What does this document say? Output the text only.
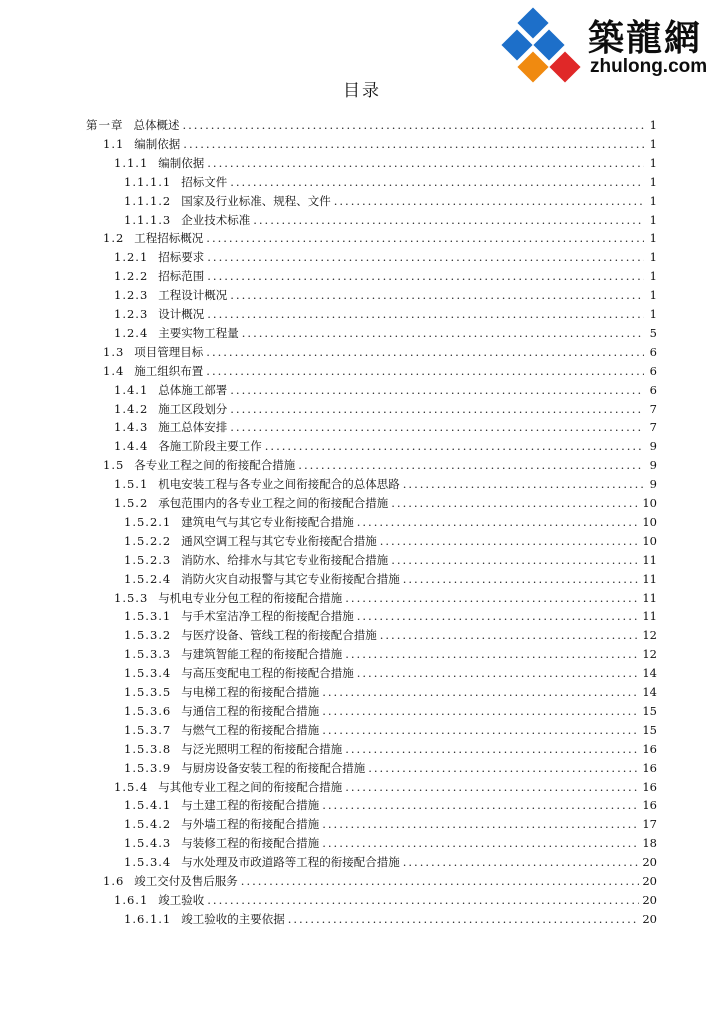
築龍網
zhulong.com
目录
第一章 总体概述 .....	1
1.1 编制依据 .....	1
1.1.1 编制依据 .....	1
1.1.1.1 招标文件 .....	1
1.1.1.2 国家及行业标准、规程、文件 .....	1
1.1.1.3 企业技术标准 .....	1
1.2 工程招标概况 .....	1
1.2.1 招标要求 .....	1
1.2.2 招标范围 .....	1
1.2.3 工程设计概况 .....	1
1.2.3 设计概况 .....	1
1.2.4 主要实物工程量 .....	5
1.3 项目管理目标 .....	6
1.4 施工组织布置 .....	6
1.4.1 总体施工部署 .....	6
1.4.2 施工区段划分 .....	7
1.4.3 施工总体安排 .....	7
1.4.4 各施工阶段主要工作 .....	9
1.5 各专业工程之间的衔接配合措施 .....	9
1.5.1 机电安装工程与各专业之间衔接配合的总体思路 .....	9
1.5.2 承包范围内的各专业工程之间的衔接配合措施 .....	10
1.5.2.1 建筑电气与其它专业衔接配合措施 .....	10
1.5.2.2 通风空调工程与其它专业衔接配合措施 .....	10
1.5.2.3 消防水、给排水与其它专业衔接配合措施 .....	11
1.5.2.4 消防火灾自动报警与其它专业衔接配合措施 .....	11
1.5.3 与机电专业分包工程的衔接配合措施 .....	11
1.5.3.1 与手术室洁净工程的衔接配合措施 .....	11
1.5.3.2 与医疗设备、管线工程的衔接配合措施 .....	12
1.5.3.3 与建筑智能工程的衔接配合措施 .....	12
1.5.3.4 与高压变配电工程的衔接配合措施 .....	14
1.5.3.5 与电梯工程的衔接配合措施 .....	14
1.5.3.6 与通信工程的衔接配合措施 .....	15
1.5.3.7 与燃气工程的衔接配合措施 .....	15
1.5.3.8 与泛光照明工程的衔接配合措施 .....	16
1.5.3.9 与厨房设备安装工程的衔接配合措施 .....	16
1.5.4 与其他专业工程之间的衔接配合措施 .....	16
1.5.4.1 与土建工程的衔接配合措施 .....	16
1.5.4.2 与外墙工程的衔接配合措施 .....	17
1.5.4.3 与装修工程的衔接配合措施 .....	18
1.5.3.4 与水处理及市政道路等工程的衔接配合措施 .....	20
1.6 竣工交付及售后服务 .....	20
1.6.1 竣工验收 .....	20
1.6.1.1 竣工验收的主要依据 .....	20
